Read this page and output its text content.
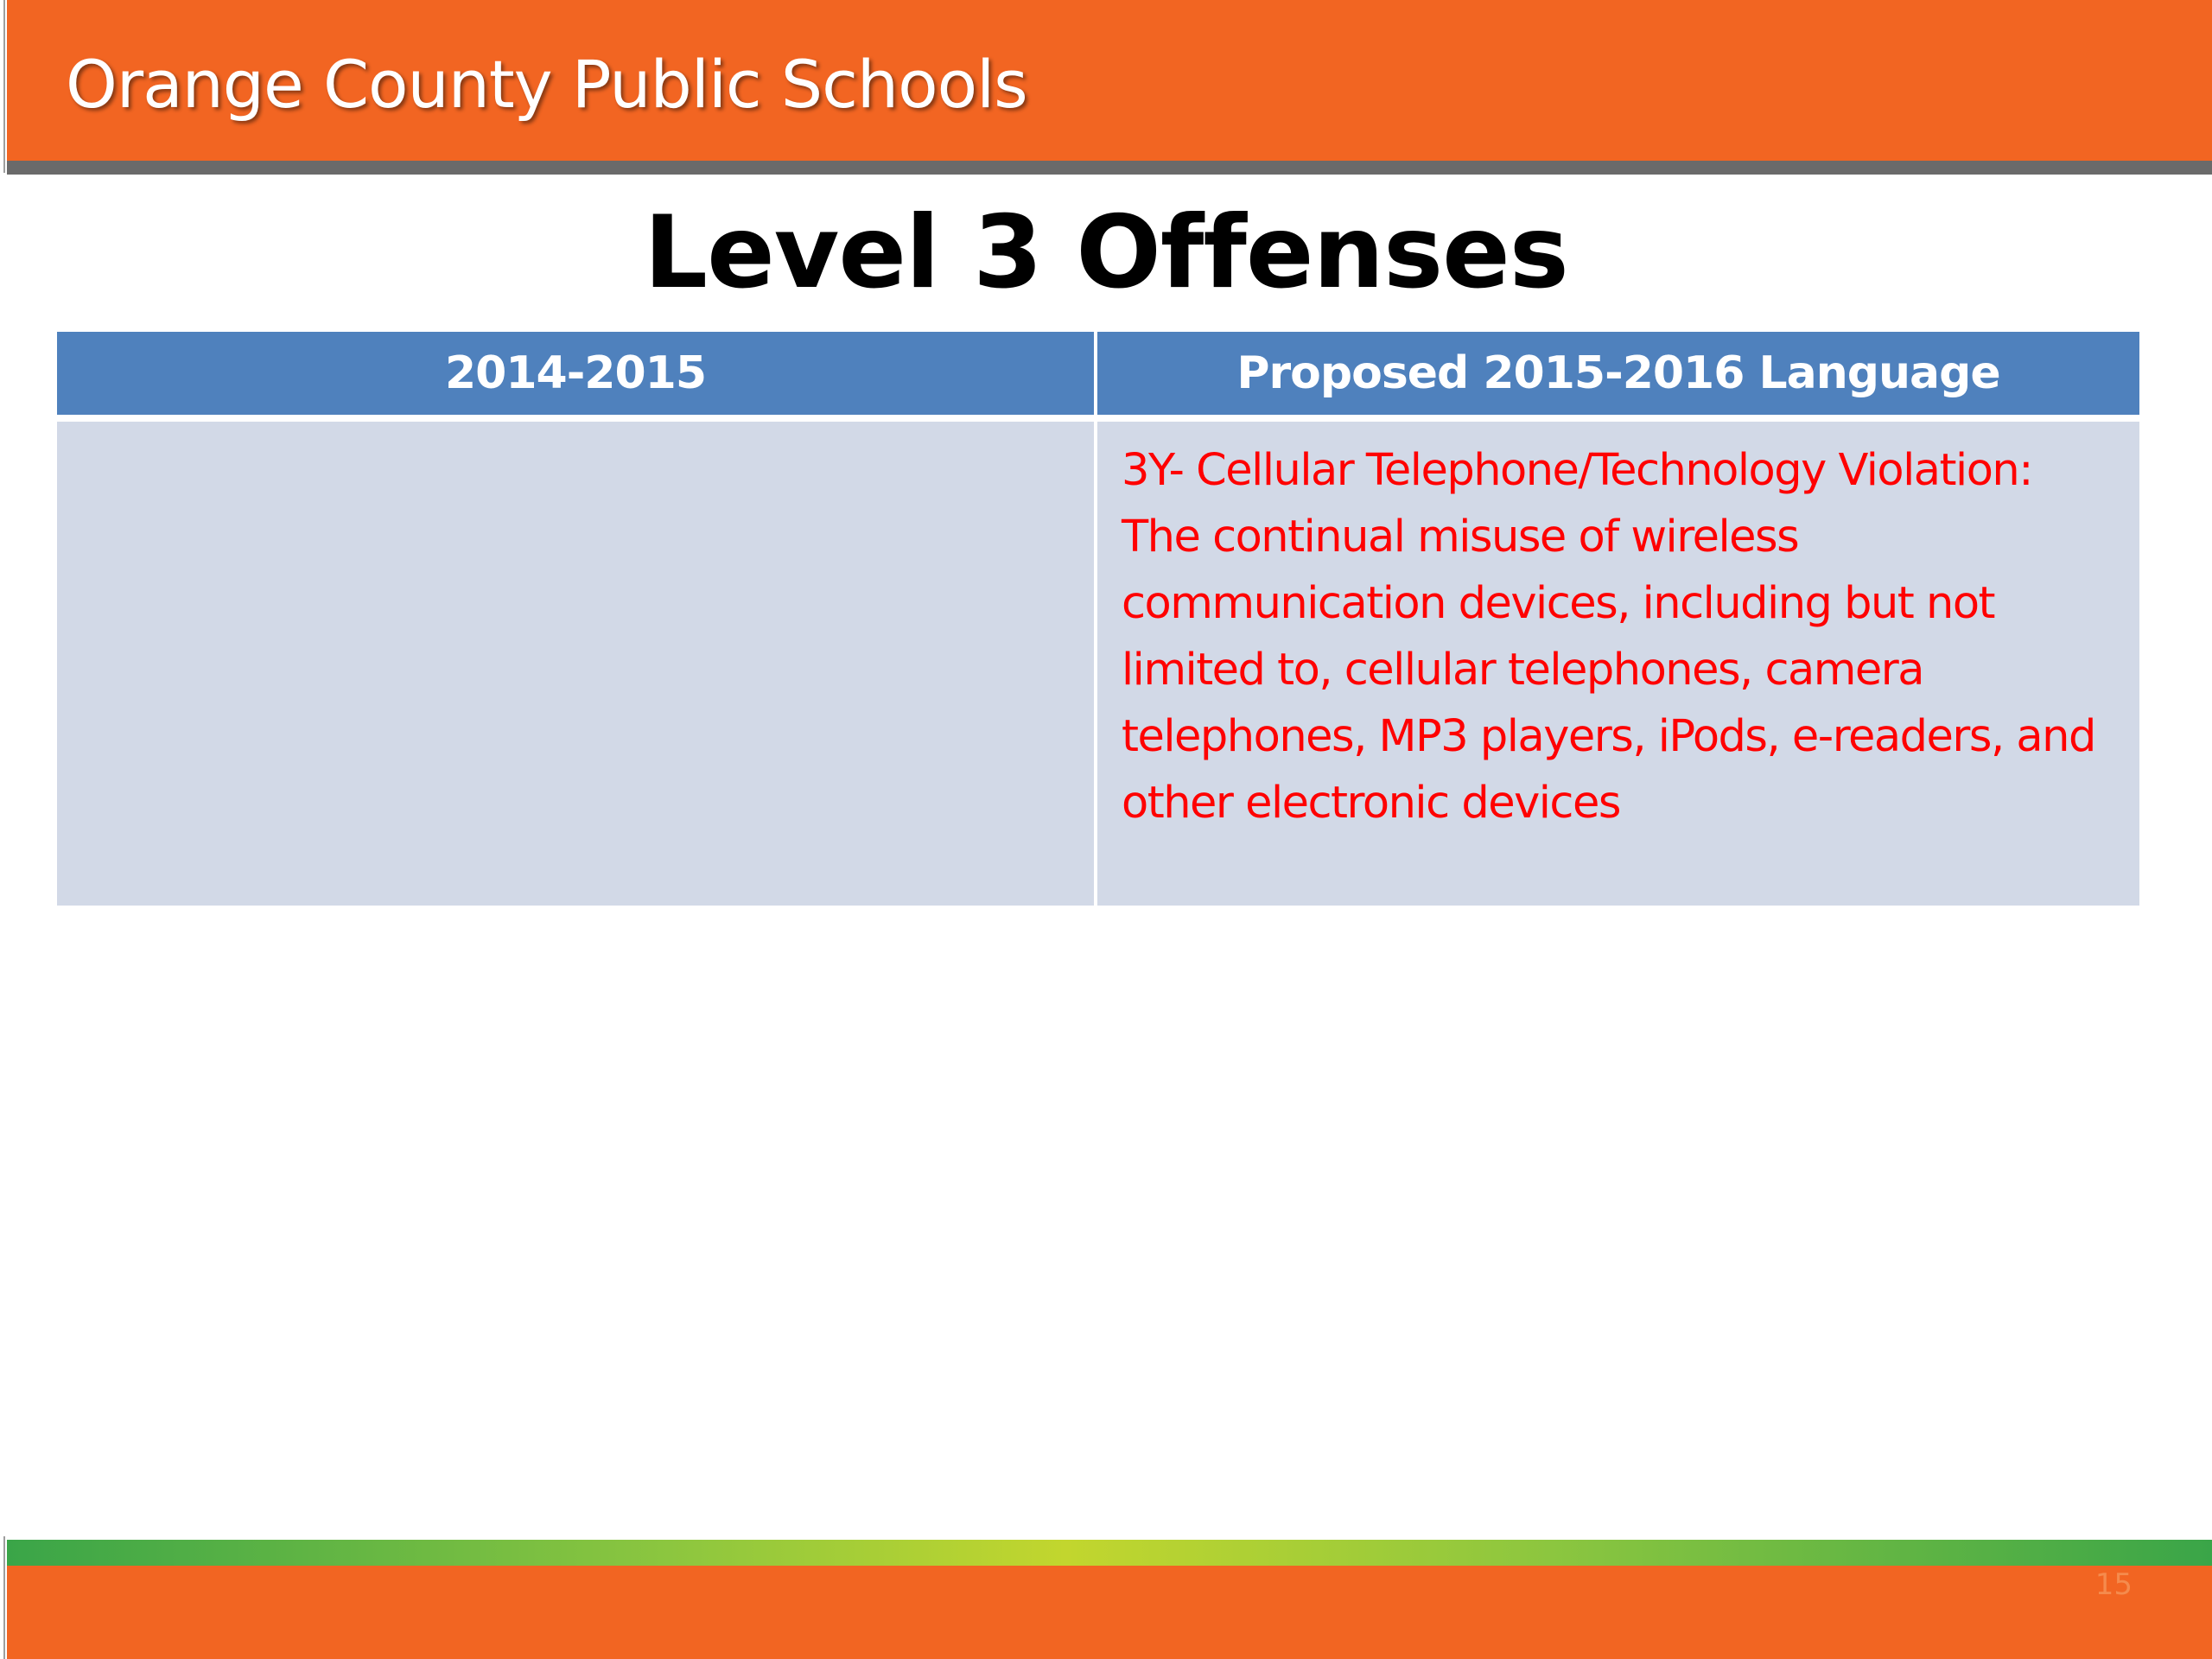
Orange County Public Schools
Level 3 Offenses
2014-2015	Proposed 2015-2016 Language
3Y- Cellular Telephone/Technology Violation: The continual misuse of wireless communication devices, including but not limited to, cellular telephones, camera telephones, MP3 players, iPods, e-readers, and other electronic devices
15
